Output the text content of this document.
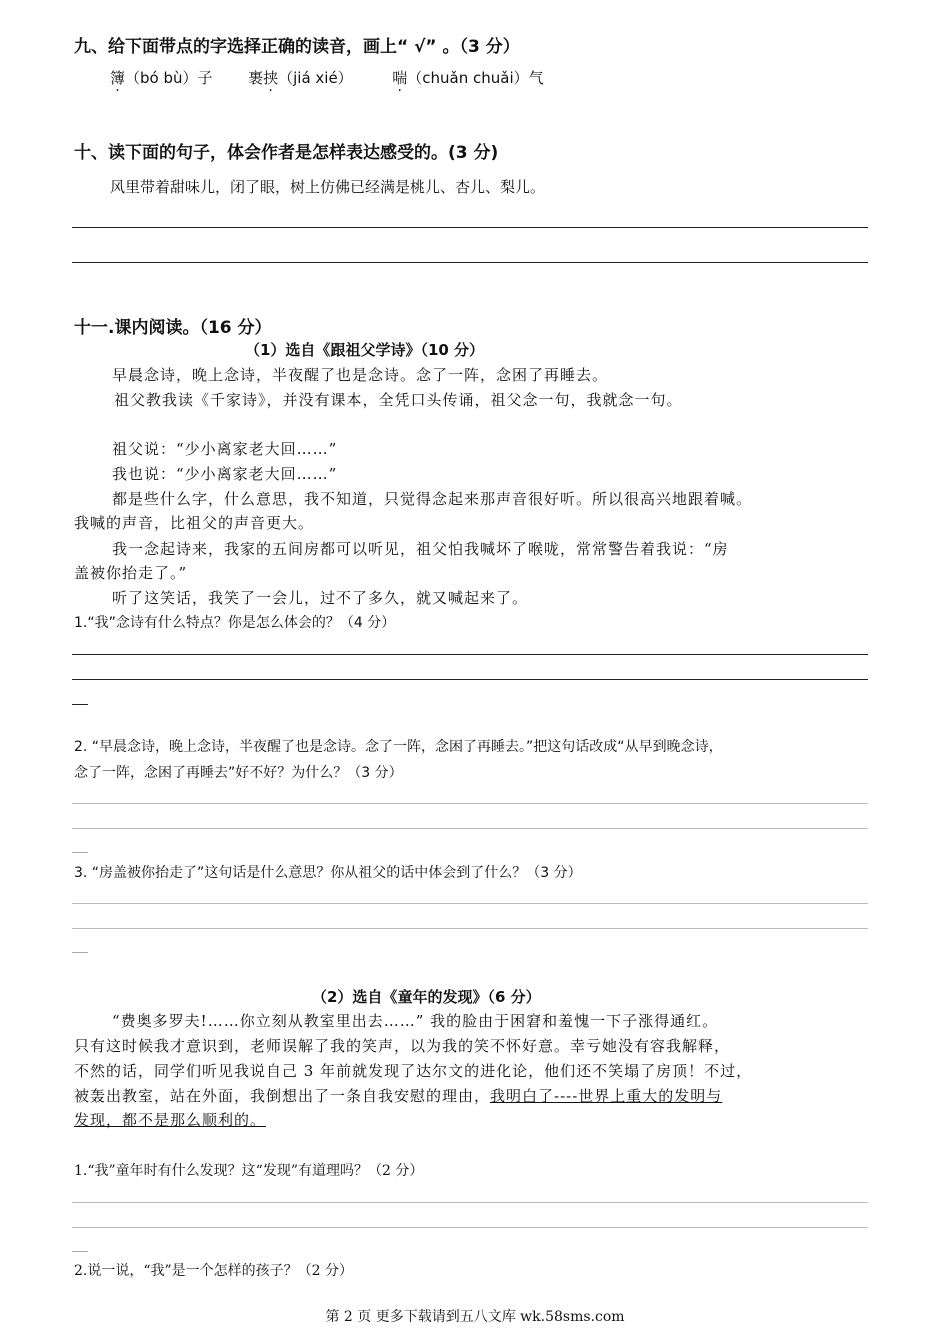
九、给下面带点的字选择正确的读音，画上“ √” 。（3 分）
簿（bó bù）子 裹挟（jiá xié）	喘（chuǎn chuǎi）气
十、读下面的句子，体会作者是怎样表达感受的。(3 分)
风里带着甜味儿，闭了眼，树上仿佛已经满是桃儿、杏儿、梨儿。
十一.课内阅读。（16 分）
（1）选自《跟祖父学诗》（10 分）
早晨念诗，晚上念诗，半夜醒了也是念诗。念了一阵，念困了再睡去。
祖父教我读《千家诗》，并没有课本，全凭口头传诵，祖父念一句，我就念一句。
祖父说：“少小离家老大回……”
我也说：“少小离家老大回……”
都是些什么字，什么意思，我不知道，只觉得念起来那声音很好听。所以很高兴地跟着喊。
我喊的声音，比祖父的声音更大。
我一念起诗来，我家的五间房都可以听见，祖父怕我喊坏了喉咙，常常警告着我说：“房
盖被你抬走了。”
听了这笑话，我笑了一会儿，过不了多久，就又喊起来了。
1.“我”念诗有什么特点？你是怎么体会的？（4 分）
2. “早晨念诗，晚上念诗，半夜醒了也是念诗。念了一阵，念困了再睡去。”把这句话改成“从早到晚念诗，
念了一阵，念困了再睡去”好不好？为什么？（3 分）
3. “房盖被你抬走了”这句话是什么意思？你从祖父的话中体会到了什么？（3 分）
（2）选自《童年的发现》（6 分）
“费奥多罗夫!……你立刻从教室里出去……” 我的脸由于困窘和羞愧一下子涨得通红。
只有这时候我才意识到，老师误解了我的笑声，以为我的笑不怀好意。幸亏她没有容我解释，
不然的话，同学们听见我说自己 3 年前就发现了达尔文的进化论，他们还不笑塌了房顶！不过，
被轰出教室，站在外面，我倒想出了一条自我安慰的理由，我明白了----世界上重大的发明与
发现，都不是那么顺利的。
1.“我”童年时有什么发现？这“发现”有道理吗？（2 分）
2.说一说，“我”是一个怎样的孩子？（2 分）
第 2 页 更多下载请到五八文库 wk.58sms.com
